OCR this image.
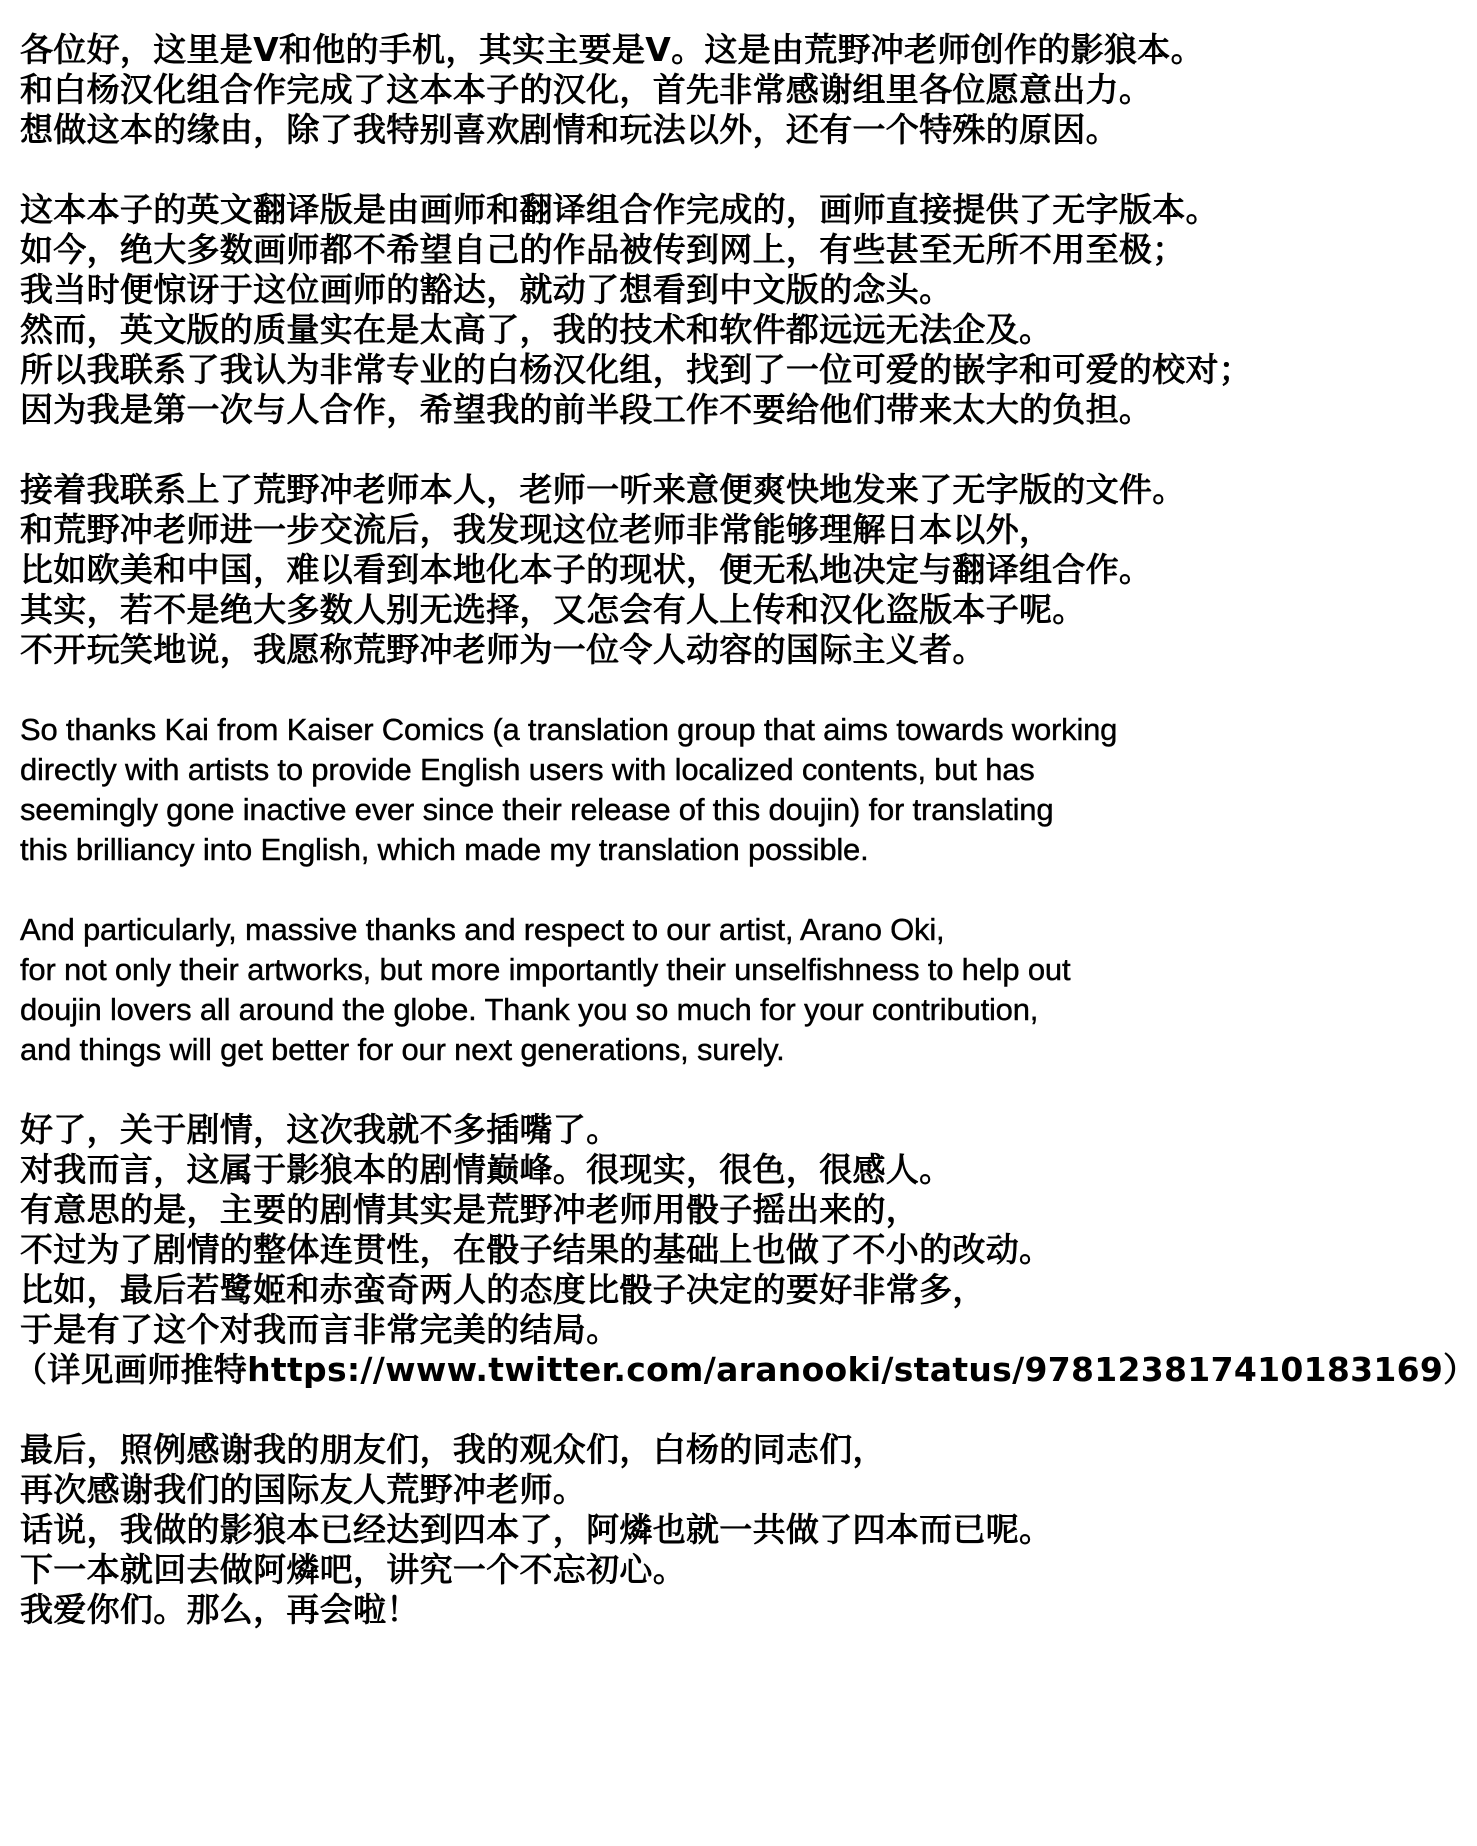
各位好，这里是V和他的手机，其实主要是V。这是由荒野冲老师创作的影狼本。
和白杨汉化组合作完成了这本本子的汉化，首先非常感谢组里各位愿意出力。
想做这本的缘由，除了我特别喜欢剧情和玩法以外，还有一个特殊的原因。
这本本子的英文翻译版是由画师和翻译组合作完成的，画师直接提供了无字版本。
如今，绝大多数画师都不希望自己的作品被传到网上，有些甚至无所不用至极；
我当时便惊讶于这位画师的豁达，就动了想看到中文版的念头。
然而，英文版的质量实在是太高了，我的技术和软件都远远无法企及。
所以我联系了我认为非常专业的白杨汉化组，找到了一位可爱的嵌字和可爱的校对；
因为我是第一次与人合作，希望我的前半段工作不要给他们带来太大的负担。
接着我联系上了荒野冲老师本人，老师一听来意便爽快地发来了无字版的文件。
和荒野冲老师进一步交流后，我发现这位老师非常能够理解日本以外，
比如欧美和中国，难以看到本地化本子的现状，便无私地决定与翻译组合作。
其实，若不是绝大多数人别无选择，又怎会有人上传和汉化盗版本子呢。
不开玩笑地说，我愿称荒野冲老师为一位令人动容的国际主义者。
So thanks Kai from Kaiser Comics (a translation group that aims towards working
directly with artists to provide English users with localized contents, but has
seemingly gone inactive ever since their release of this doujin) for translating
this brilliancy into English, which made my translation possible.
And particularly, massive thanks and respect to our artist, Arano Oki,
for not only their artworks, but more importantly their unselfishness to help out
doujin lovers all around the globe. Thank you so much for your contribution,
and things will get better for our next generations, surely.
好了，关于剧情，这次我就不多插嘴了。
对我而言，这属于影狼本的剧情巅峰。很现实，很色，很感人。
有意思的是，主要的剧情其实是荒野冲老师用骰子摇出来的，
不过为了剧情的整体连贯性，在骰子结果的基础上也做了不小的改动。
比如，最后若鹭姬和赤蛮奇两人的态度比骰子决定的要好非常多，
于是有了这个对我而言非常完美的结局。
（详见画师推特https://www.twitter.com/aranooki/status/978123817410183169）
最后，照例感谢我的朋友们，我的观众们，白杨的同志们，
再次感谢我们的国际友人荒野冲老师。
话说，我做的影狼本已经达到四本了，阿燐也就一共做了四本而已呢。
下一本就回去做阿燐吧，讲究一个不忘初心。
我爱你们。那么，再会啦！
